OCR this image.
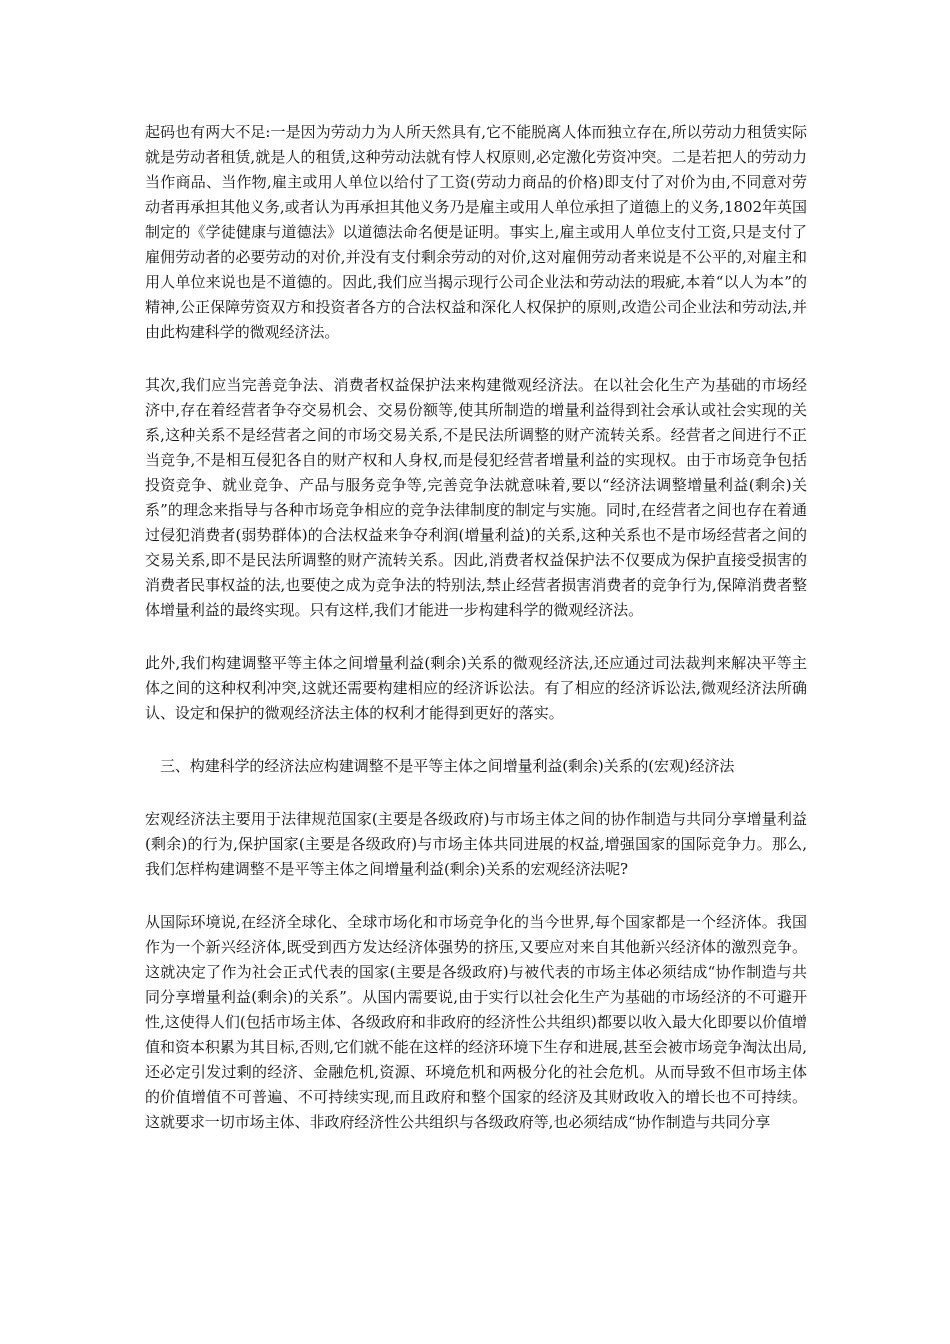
起码也有两大不足:一是因为劳动力为人所天然具有,它不能脱离人体而独立存在,所以劳动力租赁实际就是劳动者租赁,就是人的租赁,这种劳动法就有悖人权原则,必定激化劳资冲突。二是若把人的劳动力当作商品、当作物,雇主或用人单位以给付了工资(劳动力商品的价格)即支付了对价为由,不同意对劳动者再承担其他义务,或者认为再承担其他义务乃是雇主或用人单位承担了道德上的义务,1802年英国制定的《学徒健康与道德法》以道德法命名便是证明。事实上,雇主或用人单位支付工资,只是支付了雇佣劳动者的必要劳动的对价,并没有支付剩余劳动的对价,这对雇佣劳动者来说是不公平的,对雇主和用人单位来说也是不道德的。因此,我们应当揭示现行公司企业法和劳动法的瑕疵,本着“以人为本”的精神,公正保障劳资双方和投资者各方的合法权益和深化人权保护的原则,改造公司企业法和劳动法,并由此构建科学的微观经济法。

其次,我们应当完善竞争法、消费者权益保护法来构建微观经济法。在以社会化生产为基础的市场经济中,存在着经营者争夺交易机会、交易份额等,使其所制造的增量利益得到社会承认或社会实现的关系,这种关系不是经营者之间的市场交易关系,不是民法所调整的财产流转关系。经营者之间进行不正当竞争,不是相互侵犯各自的财产权和人身权,而是侵犯经营者增量利益的实现权。由于市场竞争包括投资竞争、就业竞争、产品与服务竞争等,完善竞争法就意味着,要以“经济法调整增量利益(剩余)关系”的理念来指导与各种市场竞争相应的竞争法律制度的制定与实施。同时,在经营者之间也存在着通过侵犯消费者(弱势群体)的合法权益来争夺利润(增量利益)的关系,这种关系也不是市场经营者之间的交易关系,即不是民法所调整的财产流转关系。因此,消费者权益保护法不仅要成为保护直接受损害的消费者民事权益的法,也要使之成为竞争法的特别法,禁止经营者损害消费者的竞争行为,保障消费者整体增量利益的最终实现。只有这样,我们才能进一步构建科学的微观经济法。

此外,我们构建调整平等主体之间增量利益(剩余)关系的微观经济法,还应通过司法裁判来解决平等主体之间的这种权利冲突,这就还需要构建相应的经济诉讼法。有了相应的经济诉讼法,微观经济法所确认、设定和保护的微观经济法主体的权利才能得到更好的落实。

三、构建科学的经济法应构建调整不是平等主体之间增量利益(剩余)关系的(宏观)经济法

宏观经济法主要用于法律规范国家(主要是各级政府)与市场主体之间的协作制造与共同分享增量利益(剩余)的行为,保护国家(主要是各级政府)与市场主体共同进展的权益,增强国家的国际竞争力。那么,我们怎样构建调整不是平等主体之间增量利益(剩余)关系的宏观经济法呢?

从国际环境说,在经济全球化、全球市场化和市场竞争化的当今世界,每个国家都是一个经济体。我国作为一个新兴经济体,既受到西方发达经济体强势的挤压,又要应对来自其他新兴经济体的激烈竞争。这就决定了作为社会正式代表的国家(主要是各级政府)与被代表的市场主体必须结成“协作制造与共同分享增量利益(剩余)的关系”。从国内需要说,由于实行以社会化生产为基础的市场经济的不可避开性,这使得人们(包括市场主体、各级政府和非政府的经济性公共组织)都要以收入最大化即要以价值增值和资本积累为其目标,否则,它们就不能在这样的经济环境下生存和进展,甚至会被市场竞争淘汰出局,还必定引发过剩的经济、金融危机,资源、环境危机和两极分化的社会危机。从而导致不但市场主体的价值增值不可普遍、不可持续实现,而且政府和整个国家的经济及其财政收入的增长也不可持续。这就要求一切市场主体、非政府经济性公共组织与各级政府等,也必须结成“协作制造与共同分享
